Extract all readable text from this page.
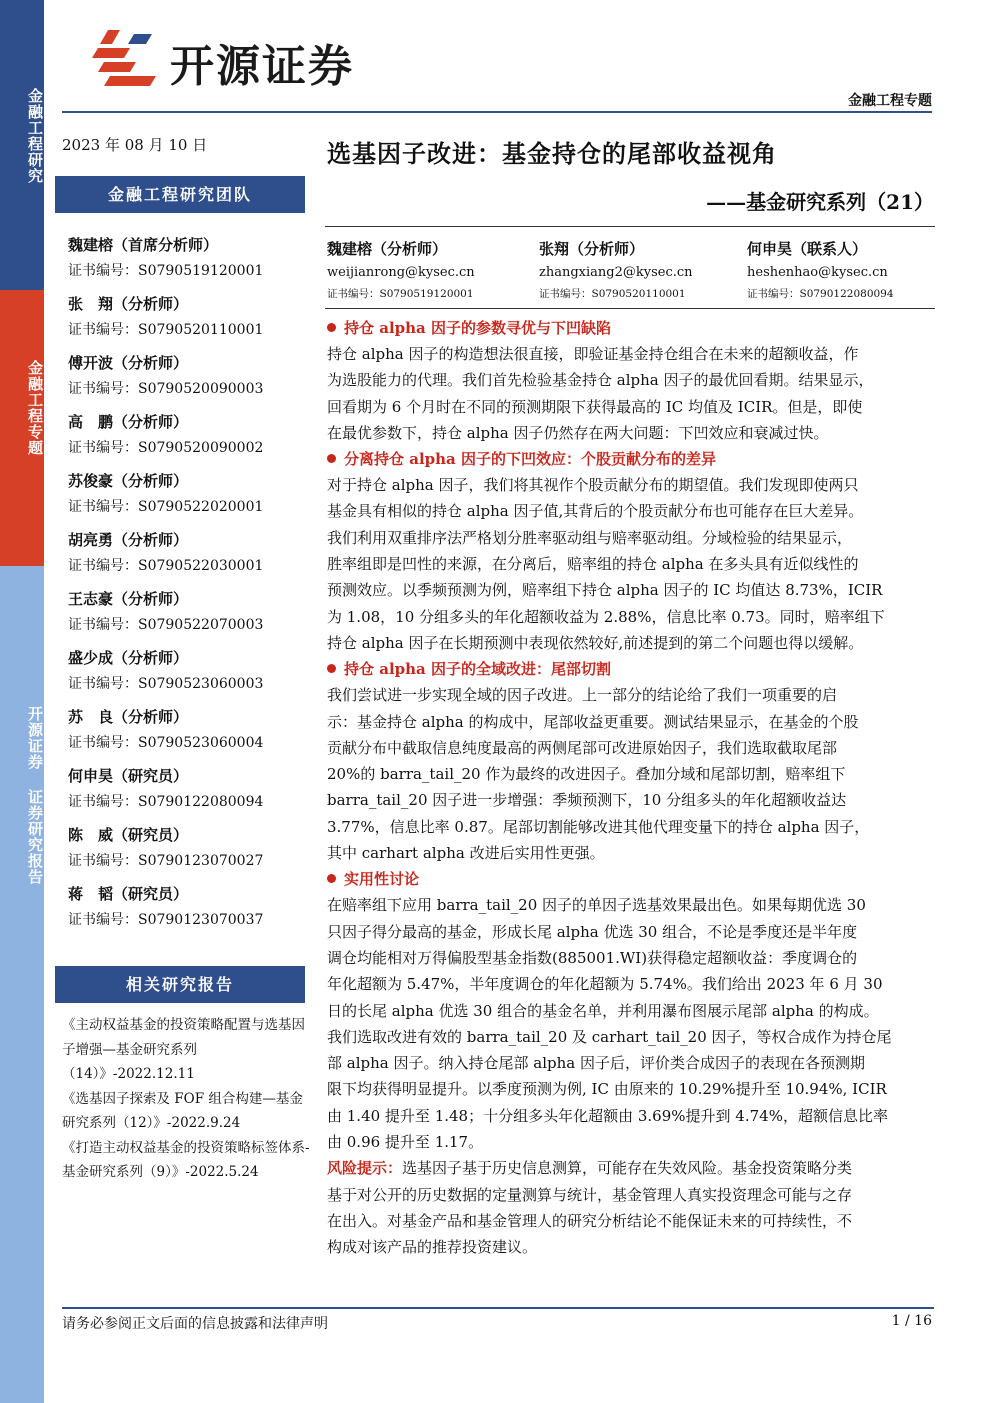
金融工程研究
金融工程专题
开源证券 证券研究报告
开源证券
金融工程专题
2023 年 08 月 10 日
金融工程研究团队
魏建榕（首席分析师）
证书编号：S0790519120001
张　翔（分析师）
证书编号：S0790520110001
傅开波（分析师）
证书编号：S0790520090003
高　鹏（分析师）
证书编号：S0790520090002
苏俊豪（分析师）
证书编号：S0790522020001
胡亮勇（分析师）
证书编号：S0790522030001
王志豪（分析师）
证书编号：S0790522070003
盛少成（分析师）
证书编号：S0790523060003
苏　良（分析师）
证书编号：S0790523060004
何申昊（研究员）
证书编号：S0790122080094
陈　威（研究员）
证书编号：S0790123070027
蒋　韬（研究员）
证书编号：S0790123070037
相关研究报告

《主动权益基金的投资策略配置与选基因子增强—基金研究系列（14）》-2022.12.11

《选基因子探索及 FOF 组合构建—基金研究系列（12）》-2022.9.24

《打造主动权益基金的投资策略标签体系-基金研究系列（9）》-2022.5.24

选基因子改进：基金持仓的尾部收益视角
——基金研究系列（21）
魏建榕（分析师）
weijianrong@kysec.cn
证书编号：S0790519120001
张翔（分析师）
zhangxiang2@kysec.cn
证书编号：S0790520110001
何申昊（联系人）
heshenhao@kysec.cn
证书编号：S0790122080094
持仓 alpha 因子的参数寻优与下凹缺陷

持仓 alpha 因子的构造想法很直接，即验证基金持仓组合在未来的超额收益，作

为选股能力的代理。我们首先检验基金持仓 alpha 因子的最优回看期。结果显示，

回看期为 6 个月时在不同的预测期限下获得最高的 IC 均值及 ICIR。但是，即使

在最优参数下，持仓 alpha 因子仍然存在两大问题：下凹效应和衰减过快。

分离持仓 alpha 因子的下凹效应：个股贡献分布的差异

对于持仓 alpha 因子，我们将其视作个股贡献分布的期望值。我们发现即使两只

基金具有相似的持仓 alpha 因子值,其背后的个股贡献分布也可能存在巨大差异。

我们利用双重排序法严格划分胜率驱动组与赔率驱动组。分域检验的结果显示，

胜率组即是凹性的来源，在分离后，赔率组的持仓 alpha 在多头具有近似线性的

预测效应。以季频预测为例，赔率组下持仓 alpha 因子的 IC 均值达 8.73%，ICIR

为 1.08，10 分组多头的年化超额收益为 2.88%，信息比率 0.73。同时，赔率组下

持仓 alpha 因子在长期预测中表现依然较好,前述提到的第二个问题也得以缓解。

持仓 alpha 因子的全域改进：尾部切割

我们尝试进一步实现全域的因子改进。上一部分的结论给了我们一项重要的启

示：基金持仓 alpha 的构成中，尾部收益更重要。测试结果显示，在基金的个股

贡献分布中截取信息纯度最高的两侧尾部可改进原始因子，我们选取截取尾部

20%的 barra_tail_20 作为最终的改进因子。叠加分域和尾部切割，赔率组下

barra_tail_20 因子进一步增强：季频预测下，10 分组多头的年化超额收益达

3.77%，信息比率 0.87。尾部切割能够改进其他代理变量下的持仓 alpha 因子，

其中 carhart alpha 改进后实用性更强。

实用性讨论

在赔率组下应用 barra_tail_20 因子的单因子选基效果最出色。如果每期优选 30

只因子得分最高的基金，形成长尾 alpha 优选 30 组合，不论是季度还是半年度

调仓均能相对万得偏股型基金指数(885001.WI)获得稳定超额收益：季度调仓的

年化超额为 5.47%，半年度调仓的年化超额为 5.74%。我们给出 2023 年 6 月 30

日的长尾 alpha 优选 30 组合的基金名单，并利用瀑布图展示尾部 alpha 的构成。

我们选取改进有效的 barra_tail_20 及 carhart_tail_20 因子，等权合成作为持仓尾

部 alpha 因子。纳入持仓尾部 alpha 因子后，评价类合成因子的表现在各预测期

限下均获得明显提升。以季度预测为例, IC 由原来的 10.29%提升至 10.94%, ICIR

由 1.40 提升至 1.48；十分组多头年化超额由 3.69%提升到 4.74%，超额信息比率

由 0.96 提升至 1.17。

风险提示：选基因子基于历史信息测算，可能存在失效风险。基金投资策略分类

基于对公开的历史数据的定量测算与统计，基金管理人真实投资理念可能与之存

在出入。对基金产品和基金管理人的研究分析结论不能保证未来的可持续性，不

构成对该产品的推荐投资建议。

请务必参阅正文后面的信息披露和法律声明	1 / 16
